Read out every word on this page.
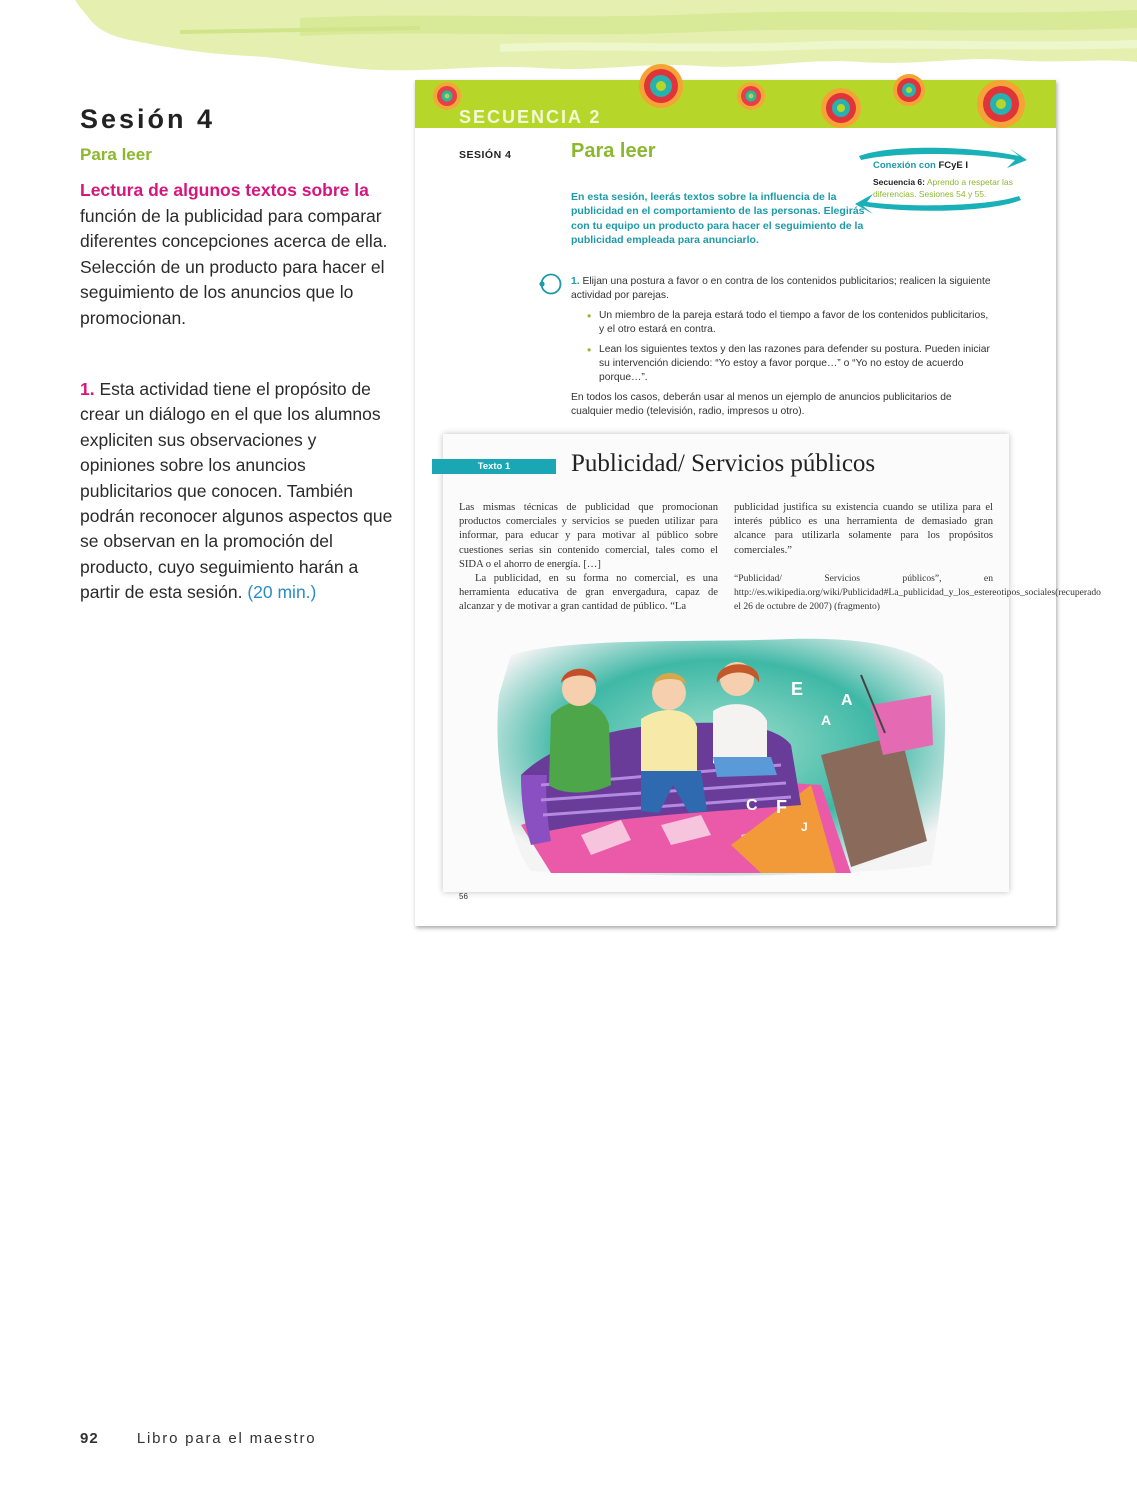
Sesión 4
Para leer
Lectura de algunos textos sobre la función de la publicidad para comparar diferentes concepciones acerca de ella. Selección de un producto para hacer el seguimiento de los anuncios que lo promocionan.
1. Esta actividad tiene el propósito de crear un diálogo en el que los alumnos expliciten sus observaciones y opiniones sobre los anuncios publicitarios que conocen. También podrán reconocer algunos aspectos que se observan en la promoción del producto, cuyo seguimiento harán a partir de esta sesión. (20 min.)
SECUENCIA 2
SESIÓN 4	Para leer
En esta sesión, leerás textos sobre la influencia de la publicidad en el comportamiento de las personas. Elegirás con tu equipo un producto para hacer el seguimiento de la publicidad empleada para anunciarlo.
Conexión con FCyE I
Secuencia 6: Aprendo a respetar las diferencias. Sesiones 54 y 55.
1. Elijan una postura a favor o en contra de los contenidos publicitarios; realicen la siguiente actividad por parejas.
• Un miembro de la pareja estará todo el tiempo a favor de los contenidos publicitarios, y el otro estará en contra.
• Lean los siguientes textos y den las razones para defender su postura. Pueden iniciar su intervención diciendo: “Yo estoy a favor porque…” o “Yo no estoy de acuerdo porque…”.
En todos los casos, deberán usar al menos un ejemplo de anuncios publicitarios de cualquier medio (televisión, radio, impresos u otro).
Texto 1	Publicidad/ Servicios públicos

Las mismas técnicas de publicidad que promocionan productos comerciales y servicios se pueden utilizar para informar, para educar y para motivar al público sobre cuestiones serias sin contenido comercial, tales como el SIDA o el ahorro de energía. […]

La publicidad, en su forma no comercial, es una herramienta educativa de gran envergadura, capaz de alcanzar y de motivar a gran cantidad de público. “La

publicidad justifica su existencia cuando se utiliza para el interés público es una herramienta de demasiado gran alcance para utilizarla solamente para los propósitos comerciales.”

“Publicidad/ Servicios públicos”, en http://es.wikipedia.org/wiki/Publicidad#La_publicidad_y_los_estereotipos_sociales(recuperado el 26 de octubre de 2007) (fragmento)

E
A
C F
J
A
56
92	Libro para el maestro
